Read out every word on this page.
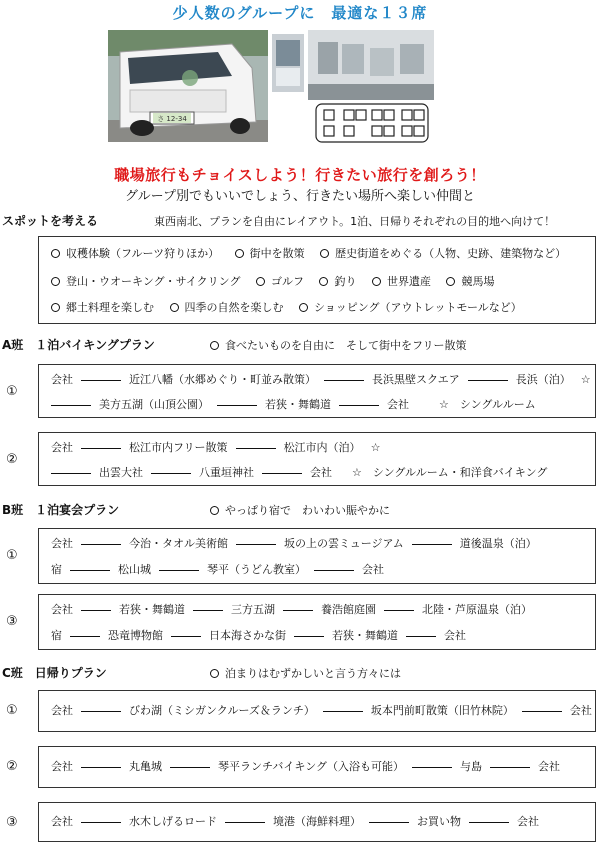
少人数のグループに　最適な１３席
さ 12-34
職場旅行もチョイスしよう！行きたい旅行を創ろう！
グループ別でもいいでしょう、行きたい場所へ楽しい仲間と
スポットを考える	東西南北、プランを自由にレイアウト。1泊、日帰りそれぞれの目的地へ向けて！
収穫体験（フルーツ狩りほか）	街中を散策	歴史街道をめぐる（人物、史跡、建築物など）
登山・ウオーキング・サイクリング	ゴルフ	釣り	世界遺産	競馬場
郷土料理を楽しむ	四季の自然を楽しむ	ショッピング（アウトレットモールなど）
A班　１泊バイキングプラン	食べたいものを自由に　そして街中をフリー散策
①
会社	近江八幡（水郷めぐり・町並み散策）	長浜黒壁スクエア	長浜（泊） ☆
美方五湖（山頂公園）	若狭・舞鶴道	会社	☆　シングルルーム
②
会社	松江市内フリー散策	松江市内（泊） ☆
出雲大社	八重垣神社	会社 ☆　シングルルーム・和洋食バイキング
B班　１泊宴会プラン	やっぱり宿で　わいわい賑やかに
①
会社	今治・タオル美術館	坂の上の雲ミュージアム	道後温泉（泊）
宿	松山城	琴平（うどん教室）	会社
③
会社	若狭・舞鶴道	三方五湖	養浩館庭園	北陸・芦原温泉（泊）
宿	恐竜博物館	日本海さかな街	若狭・舞鶴道	会社
C班　日帰りプラン	泊まりはむずかしいと言う方々には
①	会社	びわ湖（ミシガンクルーズ＆ランチ）	坂本門前町散策（旧竹林院）	会社
②	会社	丸亀城	琴平ランチバイキング（入浴も可能）	与島	会社
③	会社	水木しげるロード	境港（海鮮料理）	お買い物	会社
